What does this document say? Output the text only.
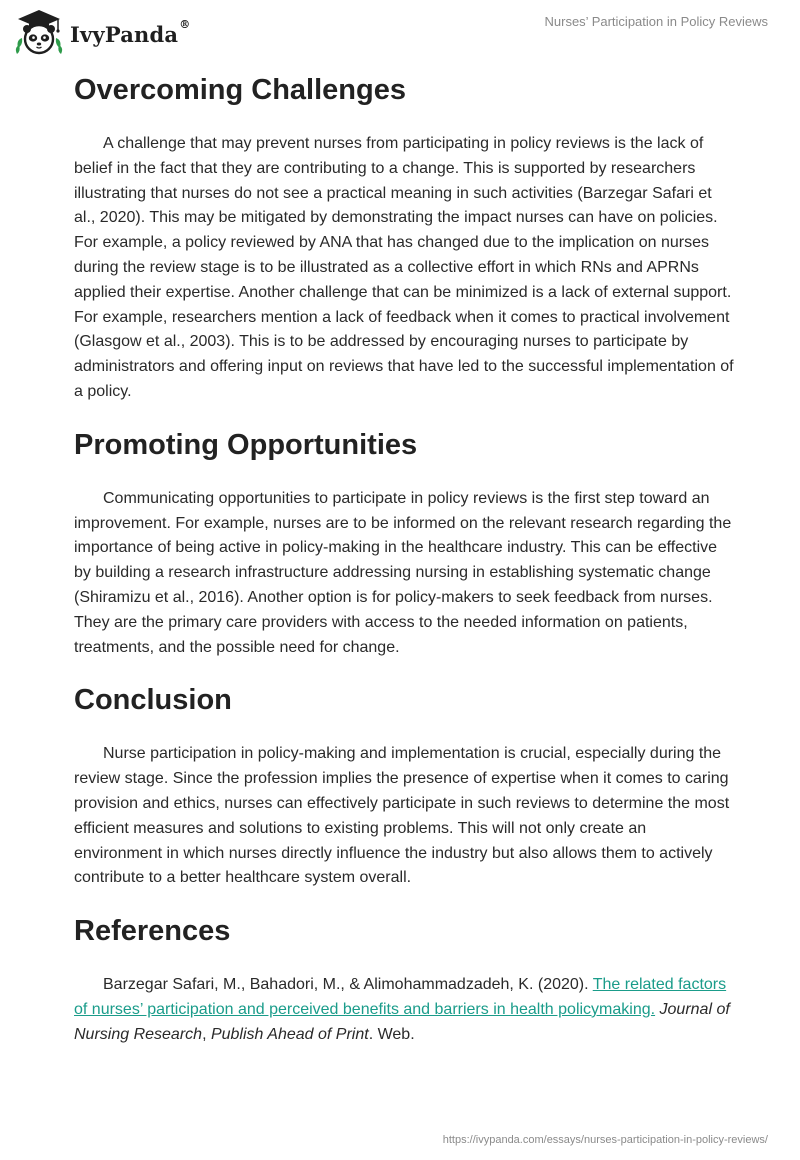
IvyPanda®	Nurses’ Participation in Policy Reviews
Overcoming Challenges

A challenge that may prevent nurses from participating in policy reviews is the lack of belief in the fact that they are contributing to a change. This is supported by researchers illustrating that nurses do not see a practical meaning in such activities (Barzegar Safari et al., 2020). This may be mitigated by demonstrating the impact nurses can have on policies. For example, a policy reviewed by ANA that has changed due to the implication on nurses during the review stage is to be illustrated as a collective effort in which RNs and APRNs applied their expertise. Another challenge that can be minimized is a lack of external support. For example, researchers mention a lack of feedback when it comes to practical involvement (Glasgow et al., 2003). This is to be addressed by encouraging nurses to participate by administrators and offering input on reviews that have led to the successful implementation of a policy.

Promoting Opportunities

Communicating opportunities to participate in policy reviews is the first step toward an improvement. For example, nurses are to be informed on the relevant research regarding the importance of being active in policy-making in the healthcare industry. This can be effective by building a research infrastructure addressing nursing in establishing systematic change (Shiramizu et al., 2016). Another option is for policy-makers to seek feedback from nurses. They are the primary care providers with access to the needed information on patients, treatments, and the possible need for change.

Conclusion

Nurse participation in policy-making and implementation is crucial, especially during the review stage. Since the profession implies the presence of expertise when it comes to caring provision and ethics, nurses can effectively participate in such reviews to determine the most efficient measures and solutions to existing problems. This will not only create an environment in which nurses directly influence the industry but also allows them to actively contribute to a better healthcare system overall.

References

Barzegar Safari, M., Bahadori, M., & Alimohammadzadeh, K. (2020). The related factors of nurses’ participation and perceived benefits and barriers in health policymaking. Journal of Nursing Research, Publish Ahead of Print. Web.

https://ivypanda.com/essays/nurses-participation-in-policy-reviews/
